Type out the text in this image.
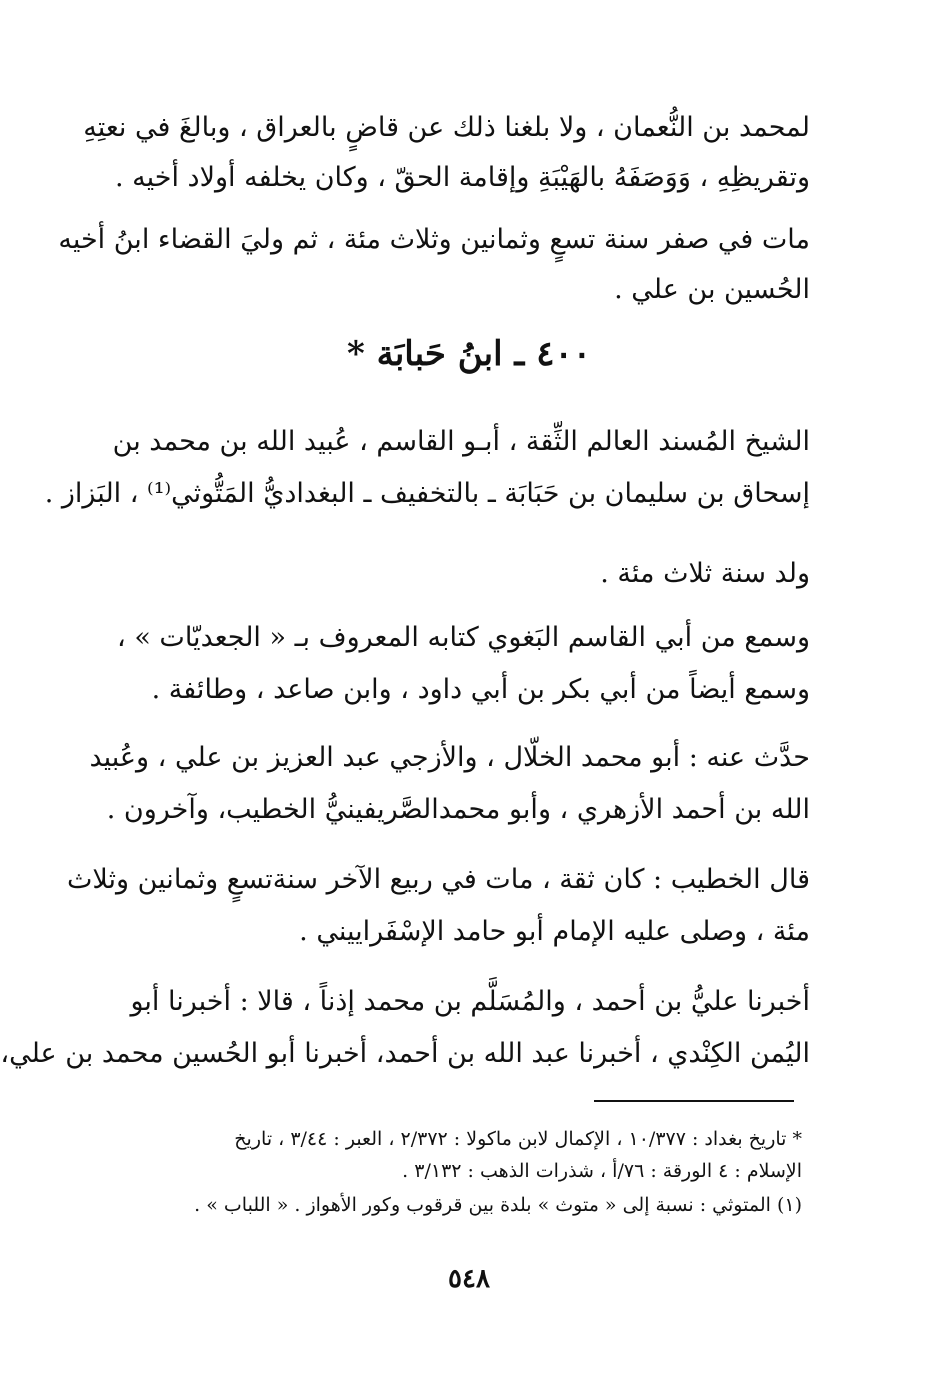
لمحمد بن النُّعمان ، ولا بلغنا ذلك عن قاضٍ بالعراق ، وبالغَ في نعتِهِ
وتقريظِهِ ، وَوَصَفَهُ بالهَيْبَةِ وإقامة الحقّ ، وكان يخلفه أولاد أخيه .
مات في صفر سنة تسعٍ وثمانين وثلاث مئة ، ثم وليَ القضاء ابنُ أخيه
الحُسين بن علي .
٤٠٠ ـ ابنُ حَبابَة *
الشيخ المُسند العالم الثِّقة ، أبـو القاسم ، عُبيد الله بن محمد بن
إسحاق بن سليمان بن حَبَابَة ـ بالتخفيف ـ البغداديُّ المَتُّوثي⁽¹⁾ ، البَزاز .
ولد سنة ثلاث مئة .
وسمع من أبي القاسم البَغوي كتابه المعروف بـ « الجعديّات » ،
وسمع أيضاً من أبي بكر بن أبي داود ، وابن صاعد ، وطائفة .
حدَّث عنه : أبو محمد الخلّال ، والأزجي عبد العزيز بن علي ، وعُبيد
الله بن أحمد الأزهري ، وأبو محمدالصَّريفينيُّ الخطيب، وآخرون .
قال الخطيب : كان ثقة ، مات في ربيع الآخر سنةتسعٍ وثمانين وثلاث
مئة ، وصلى عليه الإمام أبو حامد الإسْفَراييني .
أخبرنا عليُّ بن أحمد ، والمُسَلَّم بن محمد إذناً ، قالا : أخبرنا أبو
اليُمن الكِنْدي ، أخبرنا عبد الله بن أحمد، أخبرنا أبو الحُسين محمد بن علي،
* تاريخ بغداد : ١٠/٣٧٧ ، الإكمال لابن ماكولا : ٢/٣٧٢ ، العبر : ٣/٤٤ ، تاريخ
الإسلام : ٤ الورقة : ٧٦/أ ، شذرات الذهب : ٣/١٣٢ .
(١) المتوثي : نسبة إلى « متوث » بلدة بين قرقوب وكور الأهواز . « اللباب » .
٥٤٨
